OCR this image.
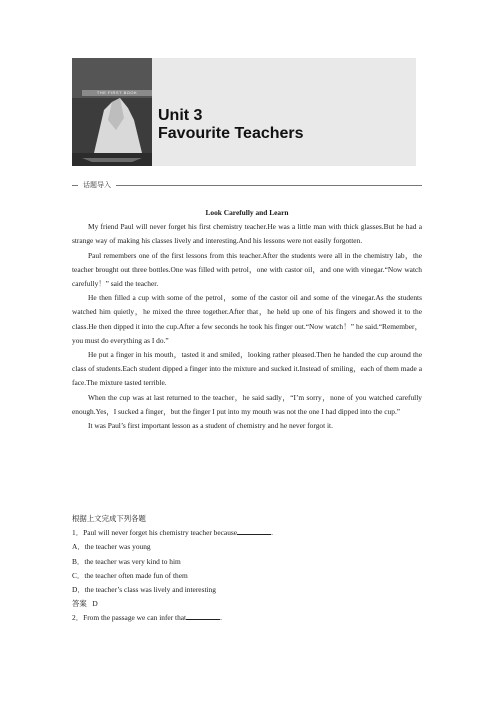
THE FIRST BOOK
Unit 3
Favourite Teachers
话题导入
Look Carefully and Learn
My friend Paul will never forget his first chemistry teacher.He was a little man with thick glasses.But he had a strange way of making his classes lively and interesting.And his lessons were not easily forgotten.
Paul remembers one of the first lessons from this teacher.After the students were all in the chemistry lab，the teacher brought out three bottles.One was filled with petrol，one with castor oil，and one with vinegar.“Now watch carefully！” said the teacher.
He then filled a cup with some of the petrol，some of the castor oil and some of the vinegar.As the students watched him quietly，he mixed the three together.After that，he held up one of his fingers and showed it to the class.He then dipped it into the cup.After a few seconds he took his finger out.“Now watch！” he said.“Remember，you must do everything as I do.”
He put a finger in his mouth，tasted it and smiled，looking rather pleased.Then he handed the cup around the class of students.Each student dipped a finger into the mixture and sucked it.Instead of smiling，each of them made a face.The mixture tasted terrible.
When the cup was at last returned to the teacher，he said sadly，“I’m sorry，none of you watched carefully enough.Yes，I sucked a finger，but the finger I put into my mouth was not the one I had dipped into the cup.”
It was Paul’s first important lesson as a student of chemistry and he never forgot it.
根据上文完成下列各题
1．Paul will never forget his chemistry teacher because	.
A．the teacher was young
B．the teacher was very kind to him
C．the teacher often made fun of them
D．the teacher’s class was lively and interesting
答案 D
2．From the passage we can infer that	.
